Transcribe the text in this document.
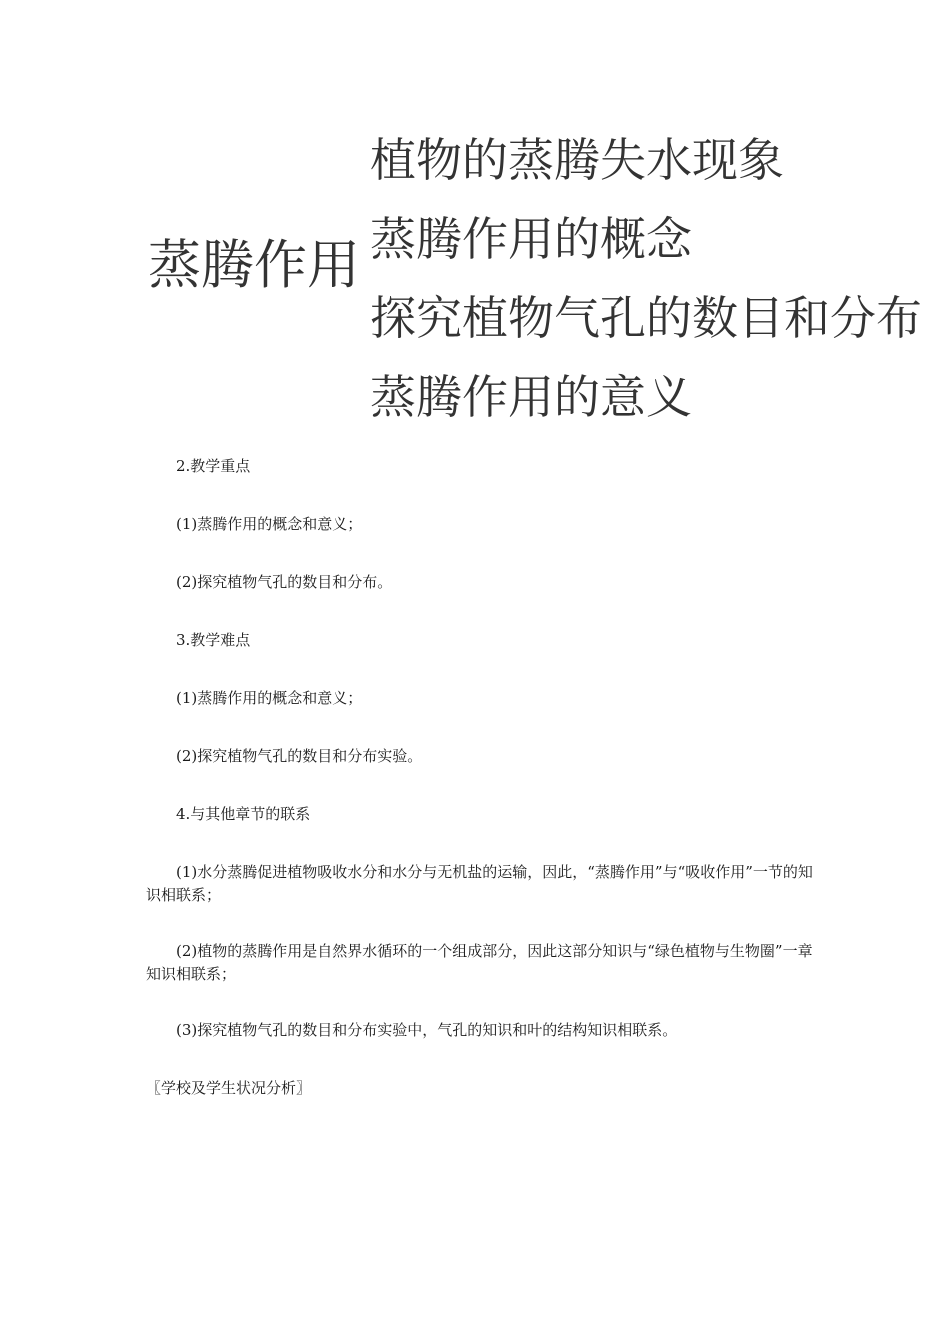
蒸腾作用
植物的蒸腾失水现象
蒸腾作用的概念
探究植物气孔的数目和分布
蒸腾作用的意义

2.教学重点

(1)蒸腾作用的概念和意义；

(2)探究植物气孔的数目和分布。

3.教学难点

(1)蒸腾作用的概念和意义；

(2)探究植物气孔的数目和分布实验。

4.与其他章节的联系

(1)水分蒸腾促进植物吸收水分和水分与无机盐的运输，因此，“蒸腾作用”与“吸收作用”一节的知识相联系；

(2)植物的蒸腾作用是自然界水循环的一个组成部分，因此这部分知识与“绿色植物与生物圈”一章知识相联系；

(3)探究植物气孔的数目和分布实验中，气孔的知识和叶的结构知识相联系。

〖学校及学生状况分析〗
